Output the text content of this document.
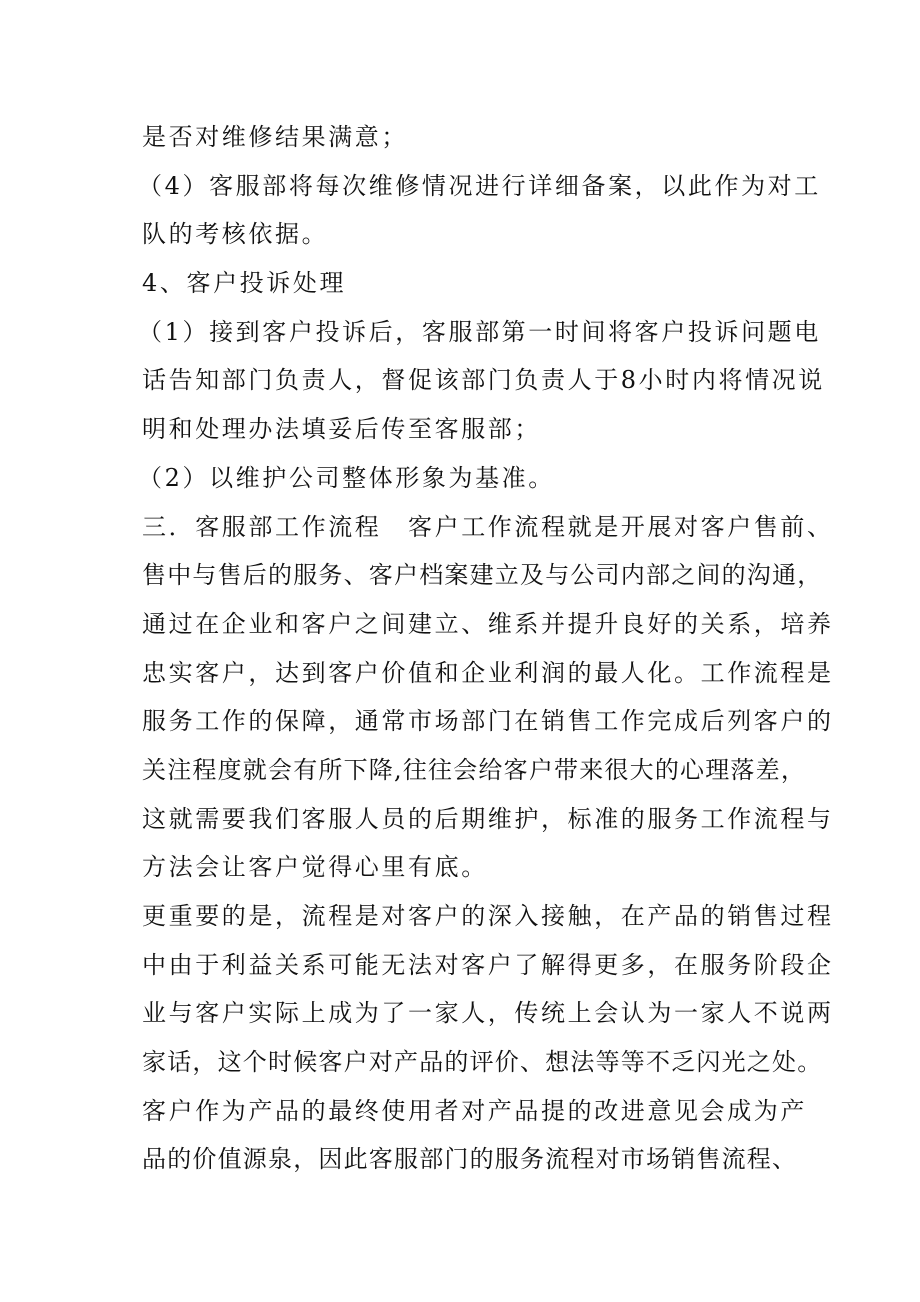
是否对维修结果满意；
（4）客服部将每次维修情况进行详细备案，以此作为对工
队的考核依据。
4、客户投诉处理
（1）接到客户投诉后，客服部第一时间将客户投诉问题电
话告知部门负责人，督促该部门负责人于8小时内将情况说
明和处理办法填妥后传至客服部；
（2）以维护公司整体形象为基准。
三．客服部工作流程　客户工作流程就是开展对客户售前、
售中与售后的服务、客户档案建立及与公司内部之间的沟通，
通过在企业和客户之间建立、维系并提升良好的关系，培养
忠实客户，达到客户价值和企业利润的最人化。工作流程是
服务工作的保障，通常市场部门在销售工作完成后列客户的
关注程度就会有所下降,往往会给客户带来很大的心理落差，
这就需要我们客服人员的后期维护，标准的服务工作流程与
方法会让客户觉得心里有底。
更重要的是，流程是对客户的深入接触，在产品的销售过程
中由于利益关系可能无法对客户了解得更多，在服务阶段企
业与客户实际上成为了一家人，传统上会认为一家人不说两
家话，这个时候客户对产品的评价、想法等等不乏闪光之处。
客户作为产品的最终使用者对产品提的改进意见会成为产
品的价值源泉，因此客服部门的服务流程对市场销售流程、
